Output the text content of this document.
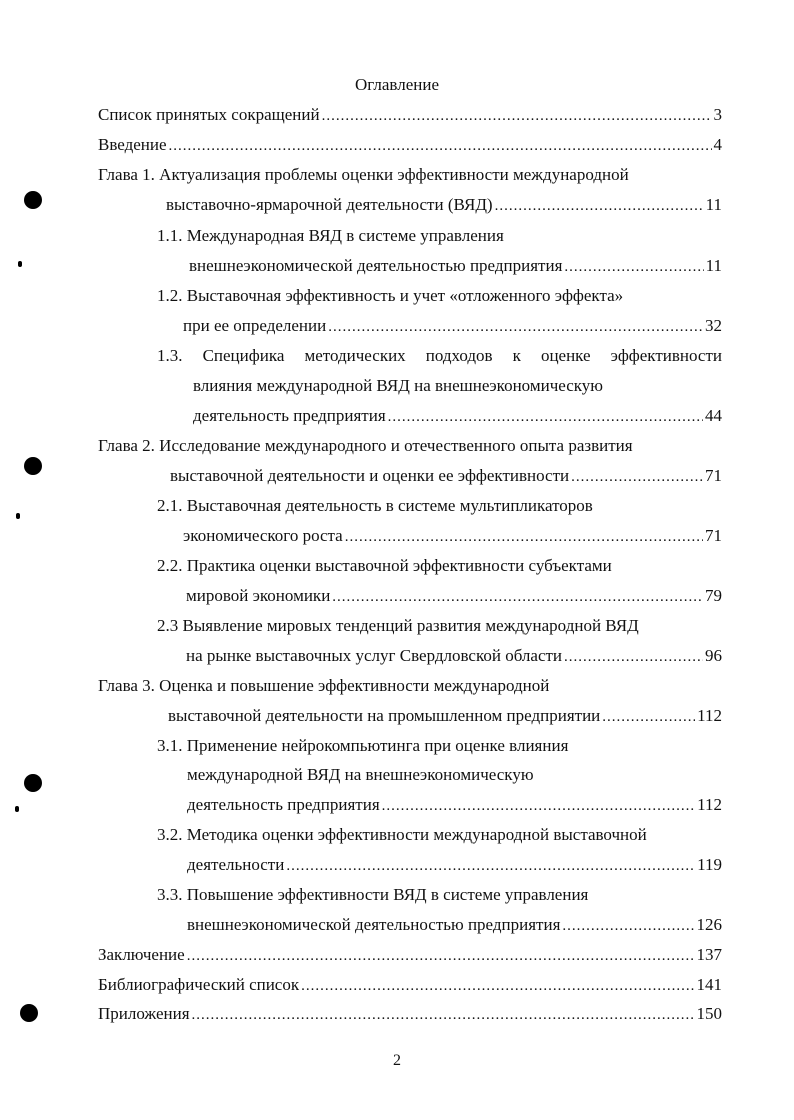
Оглавление
Список принятых сокращений .....	3
Введение .....	4
Глава 1. Актуализация проблемы оценки эффективности международной
выставочно-ярмарочной деятельности (ВЯД) .....	11
1.1. Международная ВЯД в системе управления
внешнеэкономической деятельностью предприятия .....	11
1.2. Выставочная эффективность и учет «отложенного эффекта»
при ее определении .....	32
1.3. Специфика методических подходов к оценке эффективности
влияния международной ВЯД на внешнеэкономическую
деятельность предприятия .....	44
Глава 2. Исследование международного и отечественного опыта развития
выставочной деятельности и оценки ее эффективности .....	71
2.1. Выставочная деятельность в системе мультипликаторов
экономического роста .....	71
2.2. Практика оценки выставочной эффективности субъектами
мировой экономики .....	79
2.3 Выявление мировых тенденций развития международной ВЯД
на рынке выставочных услуг Свердловской области .....	96
Глава 3. Оценка и повышение эффективности международной
выставочной деятельности на промышленном предприятии .....	112
3.1. Применение нейрокомпьютинга при оценке влияния
международной ВЯД на внешнеэкономическую
деятельность предприятия .....	112
3.2. Методика оценки эффективности международной выставочной
деятельности .....	119
3.3. Повышение эффективности ВЯД в системе управления
внешнеэкономической деятельностью предприятия .....	126
Заключение .....	137
Библиографический список .....	141
Приложения .....	150
2
